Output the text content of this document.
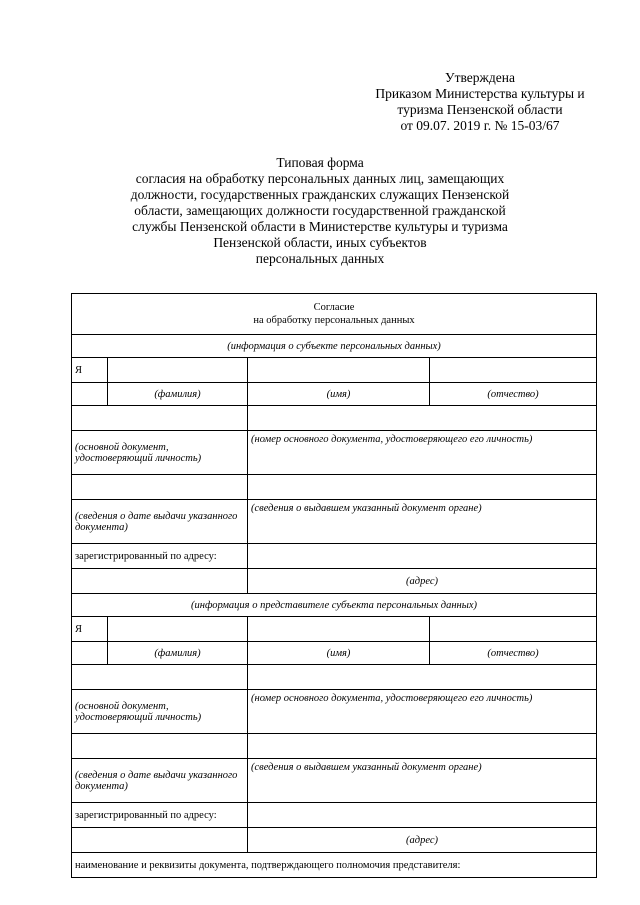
Утверждена
Приказом Министерства культуры и
туризма Пензенской области
от 09.07. 2019 г. № 15-03/67
Типовая форма
согласия на обработку персональных данных лиц, замещающих
должности, государственных гражданских служащих Пензенской
области, замещающих должности государственной гражданской
службы Пензенской области в Министерстве культуры и туризма
Пензенской области, иных субъектов
персональных данных
Согласие
на обработку персональных данных			

(информация о субъекте персональных данных)			
Я			
	(фамилия)	(имя)	(отчество)

(основной документ, удостоверяющий личность)		(номер основного документа, удостоверяющего его личность)	

(сведения о дате выдачи указанного документа)		(сведения о выдавшем указанный документ органе)	
зарегистрированный по адресу:			
		(адрес)	
(информация о представителе субъекта персональных данных)			
Я			
	(фамилия)	(имя)	(отчество)

(основной документ, удостоверяющий личность)		(номер основного документа, удостоверяющего его личность)	

(сведения о дате выдачи указанного документа)		(сведения о выдавшем указанный документ органе)	
зарегистрированный по адресу:			
		(адрес)	
наименование и реквизиты документа, подтверждающего полномочия представителя:			
